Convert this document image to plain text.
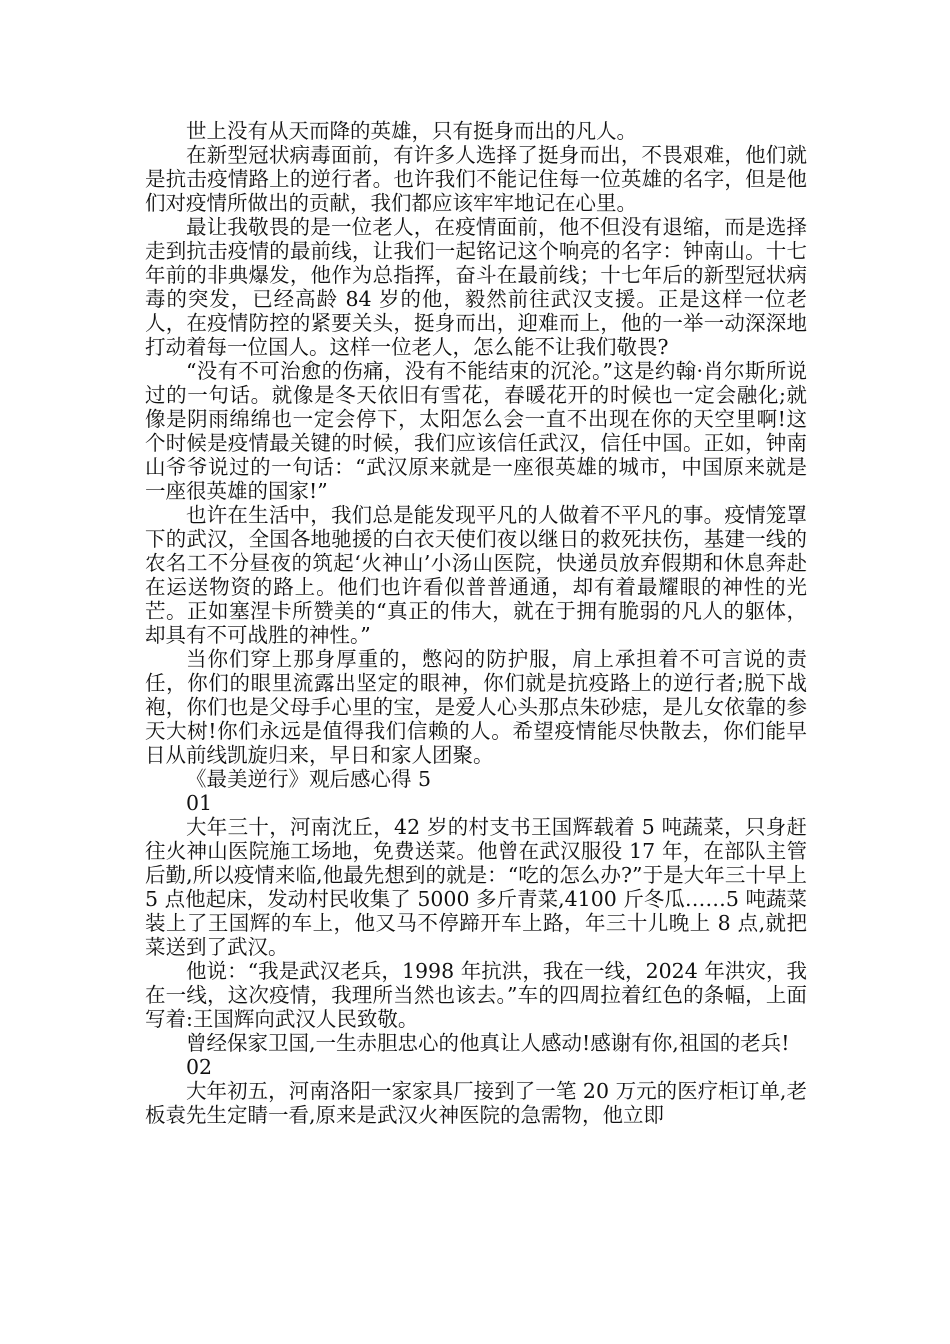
世上没有从天而降的英雄，只有挺身而出的凡人。

在新型冠状病毒面前，有许多人选择了挺身而出，不畏艰难，他们就是抗击疫情路上的逆行者。也许我们不能记住每一位英雄的名字，但是他们对疫情所做出的贡献，我们都应该牢牢地记在心里。

最让我敬畏的是一位老人，在疫情面前，他不但没有退缩，而是选择走到抗击疫情的最前线，让我们一起铭记这个响亮的名字：钟南山。十七年前的非典爆发，他作为总指挥，奋斗在最前线；十七年后的新型冠状病毒的突发，已经高龄 84 岁的他，毅然前往武汉支援。正是这样一位老人，在疫情防控的紧要关头，挺身而出，迎难而上，他的一举一动深深地打动着每一位国人。这样一位老人，怎么能不让我们敬畏?

“没有不可治愈的伤痛，没有不能结束的沉沦。”这是约翰·肖尔斯所说过的一句话。就像是冬天依旧有雪花，春暖花开的时候也一定会融化;就像是阴雨绵绵也一定会停下，太阳怎么会一直不出现在你的天空里啊!这个时候是疫情最关键的时候，我们应该信任武汉，信任中国。正如，钟南山爷爷说过的一句话：“武汉原来就是一座很英雄的城市，中国原来就是一座很英雄的国家!”

也许在生活中，我们总是能发现平凡的人做着不平凡的事。疫情笼罩下的武汉，全国各地驰援的白衣天使们夜以继日的救死扶伤，基建一线的农名工不分昼夜的筑起‘火神山’小汤山医院，快递员放弃假期和休息奔赴在运送物资的路上。他们也许看似普普通通，却有着最耀眼的神性的光芒。正如塞涅卡所赞美的“真正的伟大，就在于拥有脆弱的凡人的躯体，却具有不可战胜的神性。”

当你们穿上那身厚重的，憋闷的防护服，肩上承担着不可言说的责任，你们的眼里流露出坚定的眼神，你们就是抗疫路上的逆行者;脱下战袍，你们也是父母手心里的宝，是爱人心头那点朱砂痣，是儿女依靠的参天大树!你们永远是值得我们信赖的人。希望疫情能尽快散去，你们能早日从前线凯旋归来，早日和家人团聚。

《最美逆行》观后感心得 5

01

大年三十，河南沈丘，42 岁的村支书王国辉载着 5 吨蔬菜，只身赶往火神山医院施工场地，免费送菜。他曾在武汉服役 17 年，在部队主管后勤,所以疫情来临,他最先想到的就是：“吃的怎么办?”于是大年三十早上 5 点他起床，发动村民收集了 5000 多斤青菜,4100 斤冬瓜……5 吨蔬菜装上了王国辉的车上，他又马不停蹄开车上路，年三十儿晚上 8 点,就把菜送到了武汉。

他说：“我是武汉老兵，1998 年抗洪，我在一线，2024 年洪灾，我在一线，这次疫情，我理所当然也该去。”车的四周拉着红色的条幅，上面写着:王国辉向武汉人民致敬。

曾经保家卫国,一生赤胆忠心的他真让人感动!感谢有你,祖国的老兵!

02

大年初五，河南洛阳一家家具厂接到了一笔 20 万元的医疗柜订单,老板袁先生定睛一看,原来是武汉火神医院的急需物，他立即
